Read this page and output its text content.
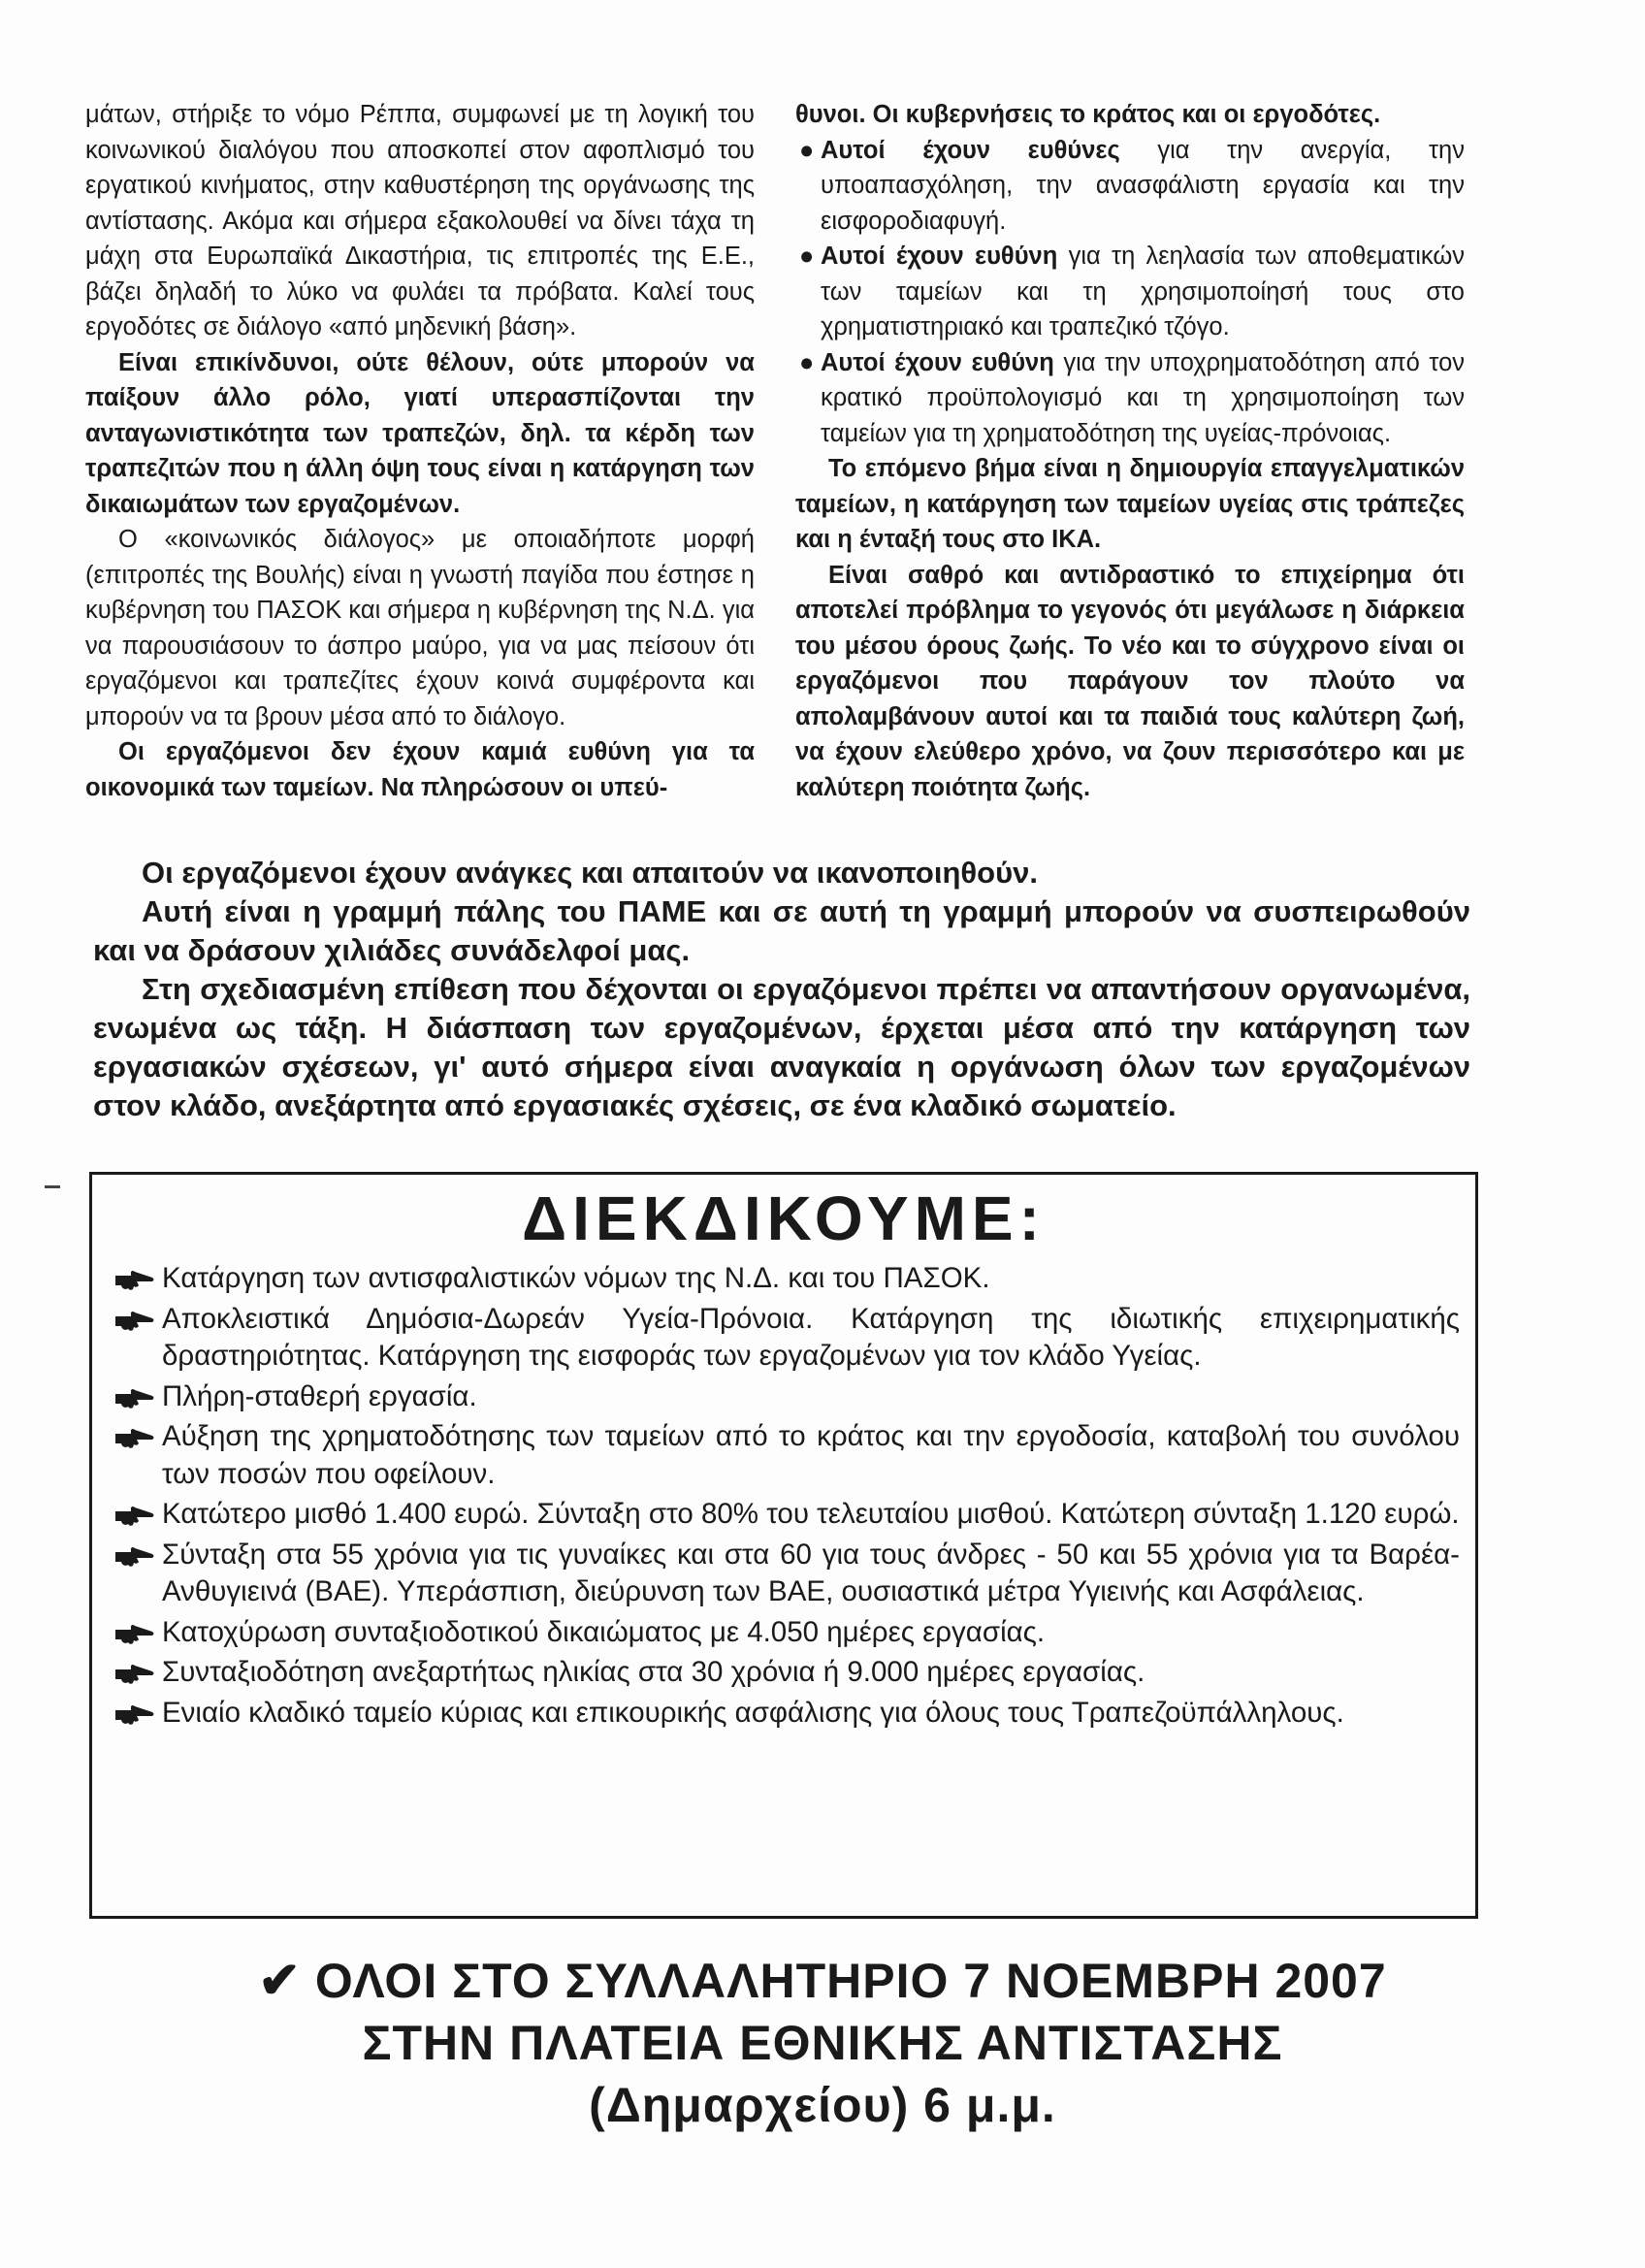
μάτων, στήριξε το νόμο Ρέππα, συμφωνεί με τη λογική του κοινωνικού διαλόγου που αποσκοπεί στον αφοπλισμό του εργατικού κινήματος, στην καθυστέρηση της οργάνωσης της αντίστασης. Ακόμα και σήμερα εξακολουθεί να δίνει τάχα τη μάχη στα Ευρωπαϊκά Δικαστήρια, τις επιτροπές της Ε.Ε., βάζει δηλαδή το λύκο να φυλάει τα πρόβατα. Καλεί τους εργοδότες σε διάλογο «από μηδενική βάση».

Είναι επικίνδυνοι, ούτε θέλουν, ούτε μπορούν να παίξουν άλλο ρόλο, γιατί υπερασπίζονται την ανταγωνιστικότητα των τραπεζών, δηλ. τα κέρδη των τραπεζιτών που η άλλη όψη τους είναι η κατάργηση των δικαιωμάτων των εργαζομένων.

Ο «κοινωνικός διάλογος» με οποιαδήποτε μορφή (επιτροπές της Βουλής) είναι η γνωστή παγίδα που έστησε η κυβέρνηση του ΠΑΣΟΚ και σήμερα η κυβέρνηση της Ν.Δ. για να παρουσιάσουν το άσπρο μαύρο, για να μας πείσουν ότι εργαζόμενοι και τραπεζίτες έχουν κοινά συμφέροντα και μπορούν να τα βρουν μέσα από το διάλογο.

Οι εργαζόμενοι δεν έχουν καμιά ευθύνη για τα οικονομικά των ταμείων. Να πληρώσουν οι υπεύ-

θυνοι. Οι κυβερνήσεις το κράτος και οι εργοδότες.

● Αυτοί έχουν ευθύνες για την ανεργία, την υποαπασχόληση, την ανασφάλιστη εργασία και την εισφοροδιαφυγή.

● Αυτοί έχουν ευθύνη για τη λεηλασία των αποθεματικών των ταμείων και τη χρησιμοποίησή τους στο χρηματιστηριακό και τραπεζικό τζόγο.

● Αυτοί έχουν ευθύνη για την υποχρηματοδότηση από τον κρατικό προϋπολογισμό και τη χρησιμοποίηση των ταμείων για τη χρηματοδότηση της υγείας-πρόνοιας.

Το επόμενο βήμα είναι η δημιουργία επαγγελματικών ταμείων, η κατάργηση των ταμείων υγείας στις τράπεζες και η ένταξή τους στο ΙΚΑ.

Είναι σαθρό και αντιδραστικό το επιχείρημα ότι αποτελεί πρόβλημα το γεγονός ότι μεγάλωσε η διάρκεια του μέσου όρους ζωής. Το νέο και το σύγχρονο είναι οι εργαζόμενοι που παράγουν τον πλούτο να απολαμβάνουν αυτοί και τα παιδιά τους καλύτερη ζωή, να έχουν ελεύθερο χρόνο, να ζουν περισσότερο και με καλύτερη ποιότητα ζωής.

Οι εργαζόμενοι έχουν ανάγκες και απαιτούν να ικανοποιηθούν.

Αυτή είναι η γραμμή πάλης του ΠΑΜΕ και σε αυτή τη γραμμή μπορούν να συσπειρωθούν και να δράσουν χιλιάδες συνάδελφοί μας.

Στη σχεδιασμένη επίθεση που δέχονται οι εργαζόμενοι πρέπει να απαντήσουν οργανωμένα, ενωμένα ως τάξη. Η διάσπαση των εργαζομένων, έρχεται μέσα από την κατάργηση των εργασιακών σχέσεων, γι' αυτό σήμερα είναι αναγκαία η οργάνωση όλων των εργαζομένων στον κλάδο, ανεξάρτητα από εργασιακές σχέσεις, σε ένα κλαδικό σωματείο.

ΔΙΕΚΔΙΚΟΥΜΕ:
Κατάργηση των αντισφαλιστικών νόμων της Ν.Δ. και του ΠΑΣΟΚ.
Αποκλειστικά Δημόσια-Δωρεάν Υγεία-Πρόνοια. Κατάργηση της ιδιωτικής επιχειρηματικής δραστηριότητας. Κατάργηση της εισφοράς των εργαζομένων για τον κλάδο Υγείας.
Πλήρη-σταθερή εργασία.
Αύξηση της χρηματοδότησης των ταμείων από το κράτος και την εργοδοσία, καταβολή του συνόλου των ποσών που οφείλουν.
Κατώτερο μισθό 1.400 ευρώ. Σύνταξη στο 80% του τελευταίου μισθού. Κατώτερη σύνταξη 1.120 ευρώ.
Σύνταξη στα 55 χρόνια για τις γυναίκες και στα 60 για τους άνδρες - 50 και 55 χρόνια για τα Βαρέα-Ανθυγιεινά (ΒΑΕ). Υπεράσπιση, διεύρυνση των ΒΑΕ, ουσιαστικά μέτρα Υγιεινής και Ασφάλειας.
Κατοχύρωση συνταξιοδοτικού δικαιώματος με 4.050 ημέρες εργασίας.
Συνταξιοδότηση ανεξαρτήτως ηλικίας στα 30 χρόνια ή 9.000 ημέρες εργασίας.
Ενιαίο κλαδικό ταμείο κύριας και επικουρικής ασφάλισης για όλους τους Τραπεζοϋπάλληλους.

✔ ΟΛΟΙ ΣΤΟ ΣΥΛΛΑΛΗΤΗΡΙΟ 7 ΝΟΕΜΒΡΗ 2007

ΣΤΗΝ ΠΛΑΤΕΙΑ ΕΘΝΙΚΗΣ ΑΝΤΙΣΤΑΣΗΣ

(Δημαρχείου) 6 μ.μ.
